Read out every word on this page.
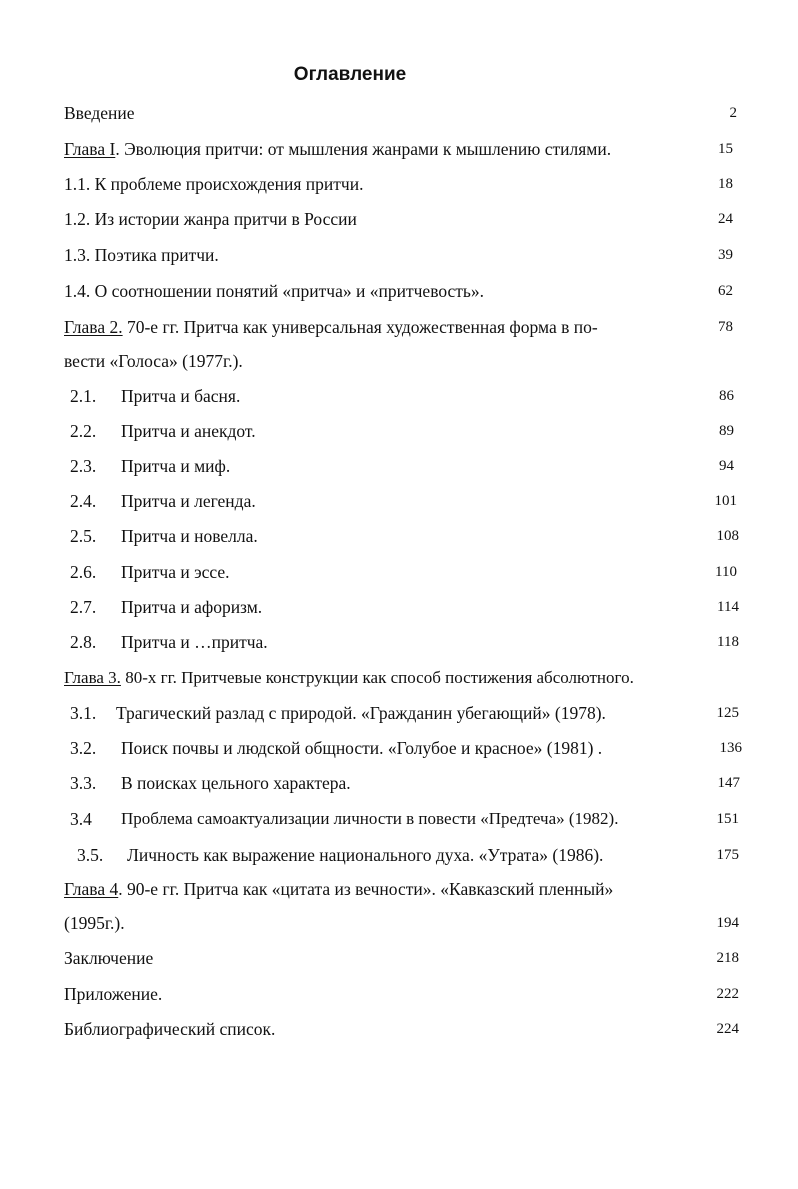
Оглавление
Введение	2
Глава I. Эволюция притчи: от мышления жанрами к мышлению стилями.	15
1.1. К проблеме происхождения притчи.	18
1.2. Из истории жанра притчи в России	24
1.3. Поэтика притчи.	39
1.4. О соотношении понятий «притча» и «притчевость».	62
Глава 2. 70-е гг. Притча как универсальная художественная форма в по-	78
вести «Голоса» (1977г.).
2.1. Притча и басня.	86
2.2. Притча и анекдот.	89
2.3. Притча и миф.	94
2.4. Притча и легенда.	101
2.5. Притча и новелла.	108
2.6. Притча и эссе.	110
2.7. Притча и афоризм.	114
2.8. Притча и …притча.	118
Глава 3. 80-х гг. Притчевые конструкции как способ постижения абсолютного.
3.1. Трагический разлад с природой. «Гражданин убегающий» (1978).	125
3.2. Поиск почвы и людской общности. «Голубое и красное» (1981) .	136
3.3. В поисках цельного характера.	147
3.4 Проблема самоактуализации личности в повести «Предтеча» (1982).	151
3.5. Личность как выражение национального духа. «Утрата» (1986).	175
Глава 4. 90-е гг. Притча как «цитата из вечности». «Кавказский пленный»
(1995г.).	194
Заключение	218
Приложение.	222
Библиографический список.	224
